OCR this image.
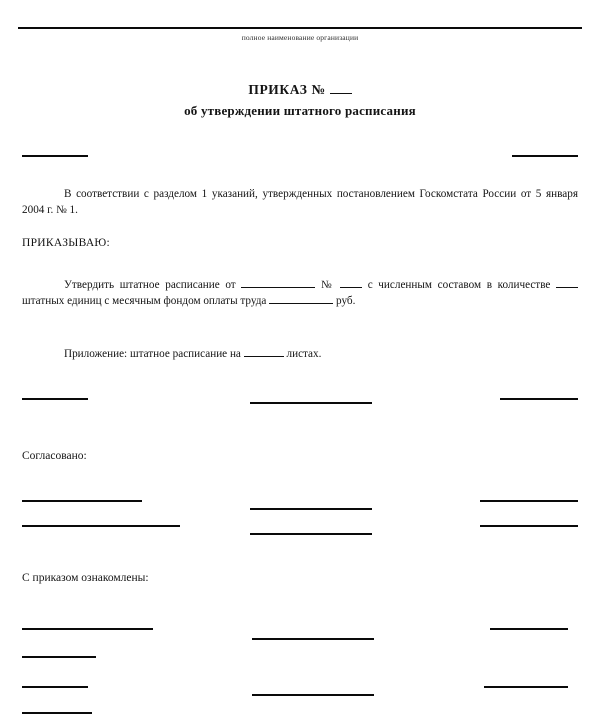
полное наименование организации

ПРИКАЗ №

об утверждении штатного расписания

В соответствии с разделом 1 указаний, утвержденных постановлением Госкомстата России от 5 января 2004 г. № 1.
ПРИКАЗЫВАЮ:
Утвердить штатное расписание от	№	с численным составом в количестве  штатных единиц с месячным фондом оплаты труда	руб.
Приложение: штатное расписание на	листах.
Согласовано:
С приказом ознакомлены:
